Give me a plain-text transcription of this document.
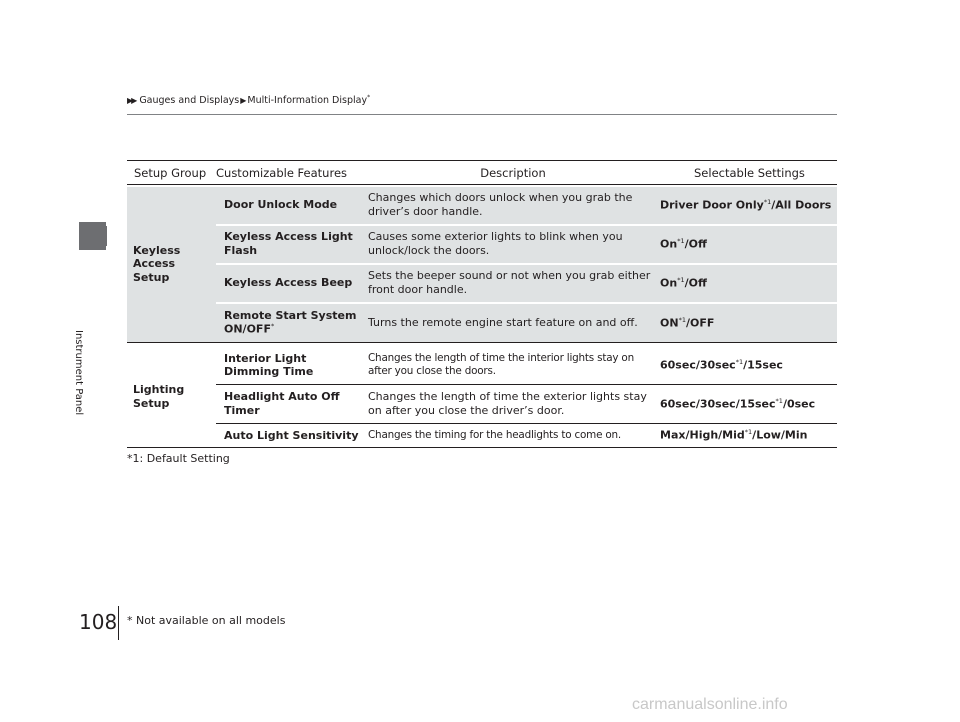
Instrument Panel
▶▶ Gauges and Displays▶Multi-Information Display*
Setup Group	Customizable Features	Description	Selectable Settings

Keyless Access Setup	Door Unlock Mode	Changes which doors unlock when you grab the driver’s door handle.	Driver Door Only$^{*1}$/All Doors
	Keyless Access Light Flash	Causes some exterior lights to blink when you unlock/lock the doors.	On$^{*1}$/Off
	Keyless Access Beep	Sets the beeper sound or not when you grab either front door handle.	On$^{*1}$/Off
	Remote Start System ON/OFF*	Turns the remote engine start feature on and off.	ON$^{*1}$/OFF

Lighting Setup	Interior Light Dimming Time	Changes the length of time the interior lights stay on after you close the doors.	$60\sec/30\sec^{*1}/15\sec$
	Headlight Auto Off Timer	Changes the length of time the exterior lights stay on after you close the driver’s door.	$60\sec/30\sec/15\sec^{*1}/0\sec$
	Auto Light Sensitivity	Changes the timing for the headlights to come on.	Max/High/Mid$^{*1}$/Low/Min
*1: Default Setting
108 * Not available on all models
carmanualsonline.info
